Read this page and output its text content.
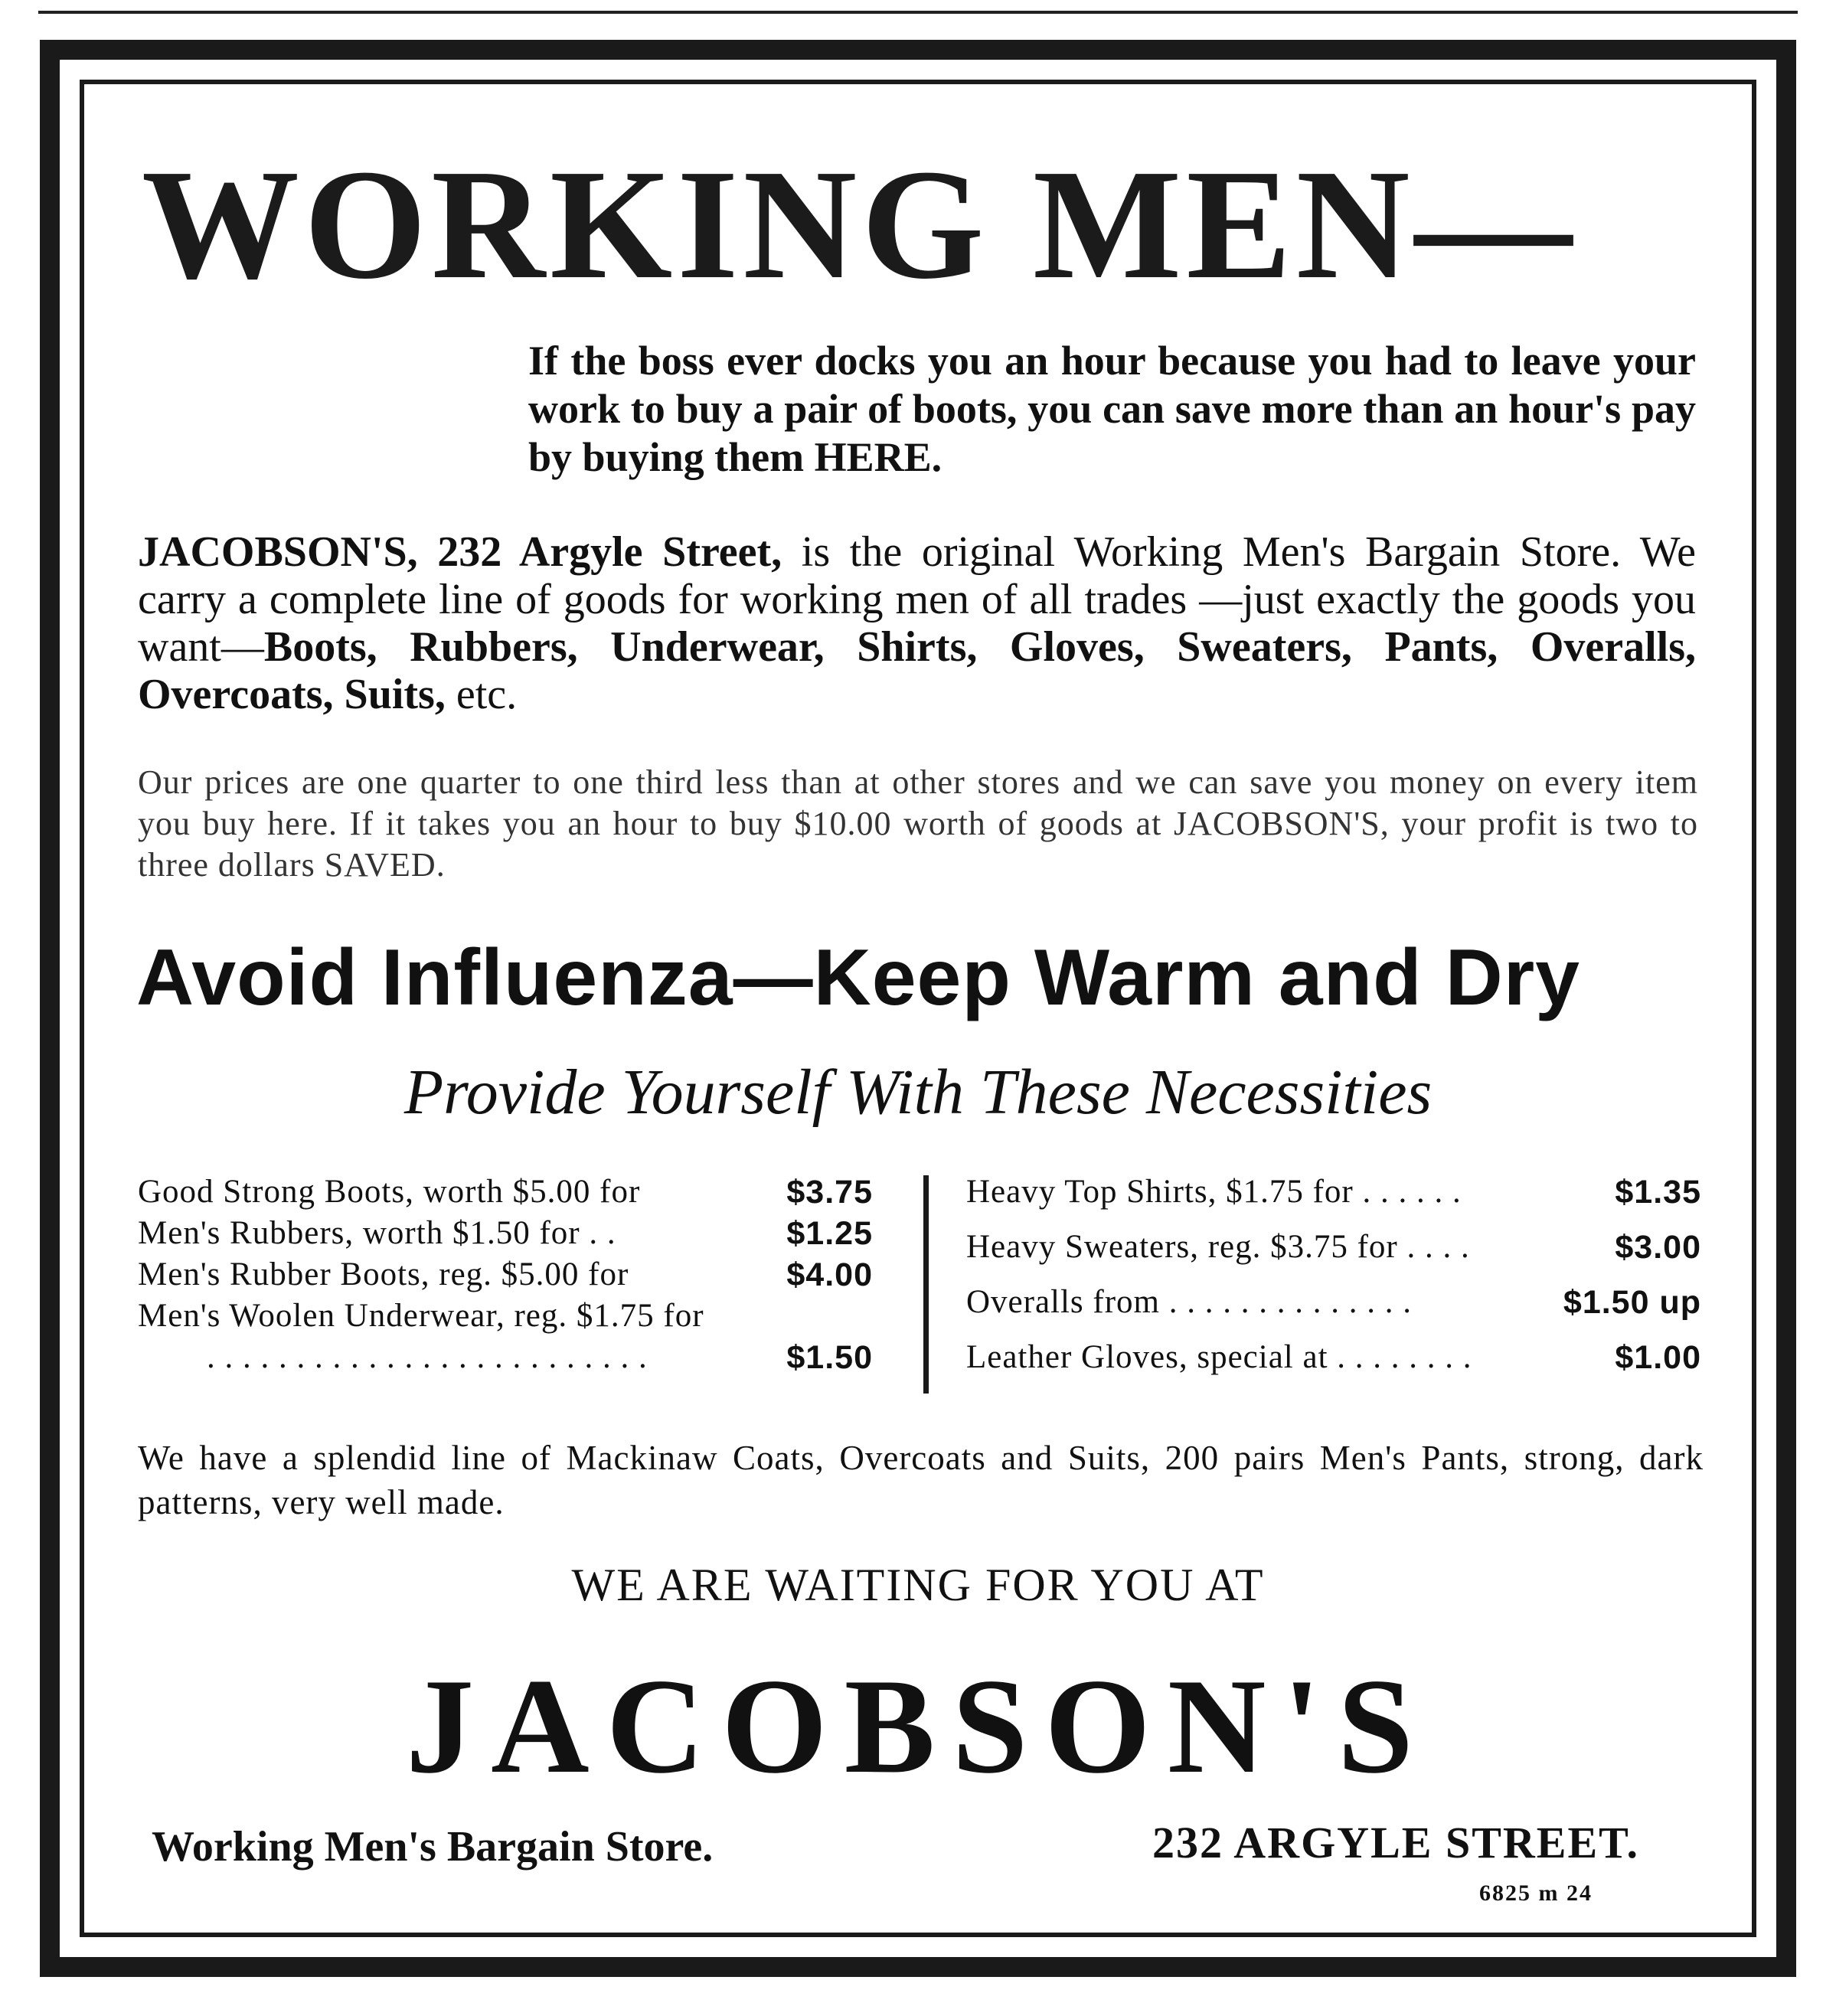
WORKING MEN—
If the boss ever docks you an hour because you had to leave your work to buy a pair of boots, you can save more than an hour's pay by buying them HERE.
JACOBSON'S, 232 Argyle Street, is the original Working Men's Bargain Store. We carry a complete line of goods for working men of all trades —just exactly the goods you want—Boots, Rubbers, Underwear, Shirts, Gloves, Sweaters, Pants, Overalls, Overcoats, Suits, etc.
Our prices are one quarter to one third less than at other stores and we can save you money on every item you buy here. If it takes you an hour to buy $10.00 worth of goods at JACOBSON'S, your profit is two to three dollars SAVED.
Avoid Influenza—Keep Warm and Dry
Provide Yourself With These Necessities
Good Strong Boots, worth $5.00 for	$3.75
Men's Rubbers, worth $1.50 for . .	$1.25
Men's Rubber Boots, reg. $5.00 for	$4.00
Men's Woolen Underwear, reg. $1.75 for
. . . . . . . . . . . . . . . . . . . . . . . . .	$1.50
Heavy Top Shirts, $1.75 for . . . . . .	$1.35
Heavy Sweaters, reg. $3.75 for . . . .	$3.00
Overalls from . . . . . . . . . . . . . .	$1.50 up
Leather Gloves, special at . . . . . . . .	$1.00
We have a splendid line of Mackinaw Coats, Overcoats and Suits, 200 pairs Men's Pants, strong, dark patterns, very well made.
WE ARE WAITING FOR YOU AT
JACOBSON'S
Working Men's Bargain Store.	232 ARGYLE STREET.
6825 m 24
